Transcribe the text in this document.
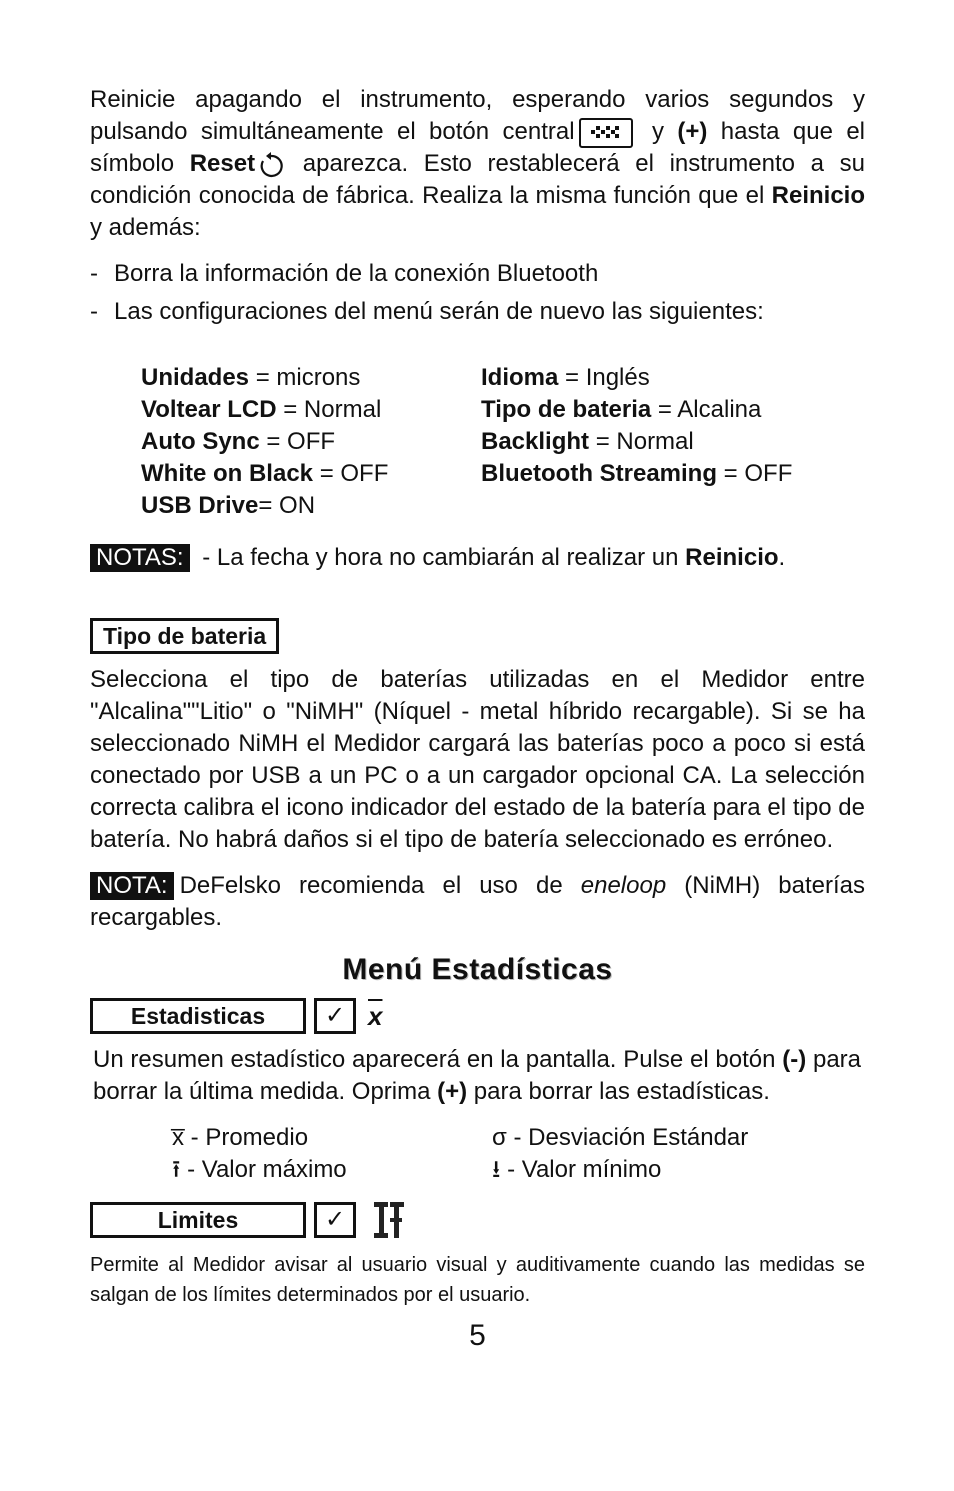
Reinicie apagando el instrumento, esperando varios segundos y pulsando simultáneamente el botón central	y (+) hasta que el símbolo Reset aparezca. Esto restablecerá el instrumento a su condición conocida de fábrica. Realiza la misma función que el Reinicio y además:

- Borra la información de la conexión Bluetooth
- Las configuraciones del menú serán de nuevo las siguientes:
Unidades = microns	Idioma = Inglés
Voltear LCD = Normal	Tipo de bateria = Alcalina
Auto Sync = OFF	Backlight = Normal
White on Black = OFF	Bluetooth Streaming = OFF
USB Drive= ON

NOTAS: - La fecha y hora no cambiarán al realizar un Reinicio.

Tipo de bateria

Selecciona el tipo de baterías utilizadas en el Medidor entre "Alcalina""Litio" o "NiMH" (Níquel - metal híbrido recargable). Si se ha seleccionado NiMH el Medidor cargará las baterías poco a poco si está conectado por USB a un PC o a un cargador opcional CA. La selección correcta calibra el icono indicador del estado de la batería para el tipo de batería. No habrá daños si el tipo de batería seleccionado es erróneo.

NOTA: DeFelsko recomienda el uso de eneloop (NiMH) baterías recargables.

Menú Estadísticas
Estadisticas	✓ $\overline{x}$

Un resumen estadístico aparecerá en la pantalla. Pulse el botón (-) para borrar la última medida. Oprima (+) para borrar las estadísticas.

x̅ - Promedio	σ - Desviación Estándar
⭱ - Valor máximo	⭳ - Valor mínimo
Limites	✓

Permite al Medidor avisar al usuario visual y auditivamente cuando las medidas se salgan de los límites determinados por el usuario.

5
